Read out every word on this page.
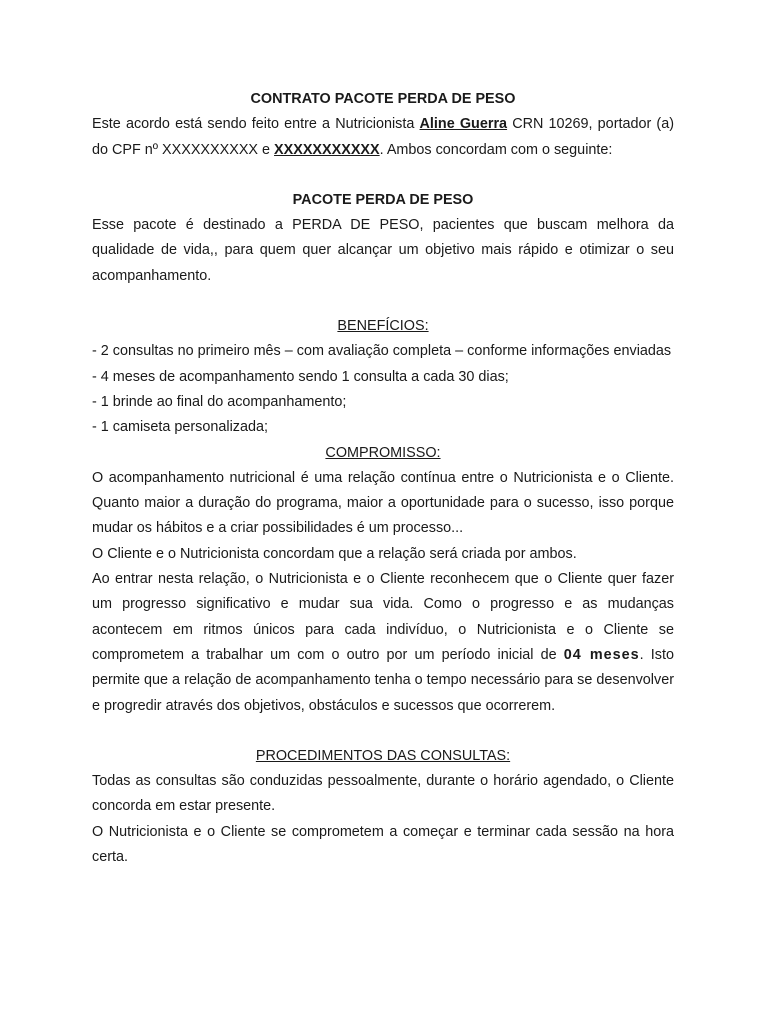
CONTRATO PACOTE PERDA DE PESO

Este acordo está sendo feito entre a Nutricionista Aline Guerra CRN 10269, portador (a) do CPF nº XXXXXXXXXX e XXXXXXXXXXX. Ambos concordam com o seguinte:

PACOTE PERDA DE PESO

Esse pacote é destinado a PERDA DE PESO, pacientes que buscam melhora da qualidade de vida,, para quem quer alcançar um objetivo mais rápido e otimizar o seu acompanhamento.

BENEFÍCIOS:

- 2 consultas no primeiro mês – com avaliação completa – conforme informações enviadas

- 4 meses de acompanhamento sendo 1 consulta a cada 30 dias;

- 1 brinde ao final do acompanhamento;

- 1 camiseta personalizada;

COMPROMISSO:

O acompanhamento nutricional é uma relação contínua entre o Nutricionista e o Cliente. Quanto maior a duração do programa, maior a oportunidade para o sucesso, isso porque mudar os hábitos e a criar possibilidades é um processo...

O Cliente e o Nutricionista concordam que a relação será criada por ambos.

Ao entrar nesta relação, o Nutricionista e o Cliente reconhecem que o Cliente quer fazer um progresso significativo e mudar sua vida. Como o progresso e as mudanças acontecem em ritmos únicos para cada indivíduo, o Nutricionista e o Cliente se comprometem a trabalhar um com o outro por um período inicial de 04 meses. Isto permite que a relação de acompanhamento tenha o tempo necessário para se desenvolver e progredir através dos objetivos, obstáculos e sucessos que ocorrerem.

PROCEDIMENTOS DAS CONSULTAS:

Todas as consultas são conduzidas pessoalmente, durante o horário agendado, o Cliente concorda em estar presente.

O Nutricionista e o Cliente se comprometem a começar e terminar cada sessão na hora certa.
